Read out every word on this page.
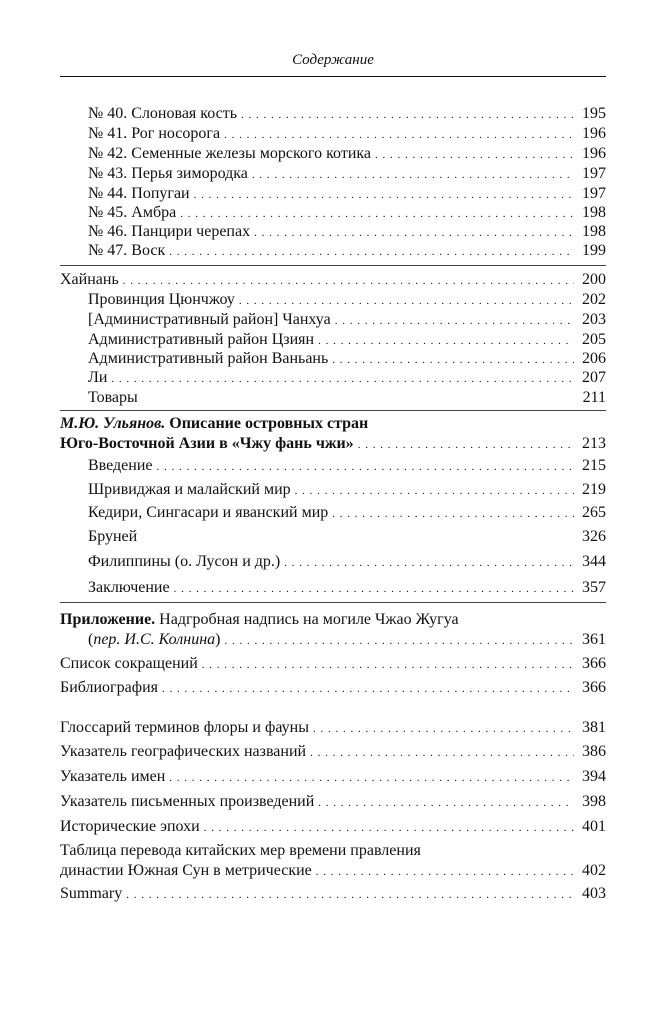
Содержание
№ 40. Слоновая кость . . .	195
№ 41. Рог носорога . . .	196
№ 42. Семенные железы морского котика . . .	196
№ 43. Перья зимородка . . .	197
№ 44. Попугаи . . .	197
№ 45. Амбра . . .	198
№ 46. Панцири черепах . . .	198
№ 47. Воск . . .	199
Хайнань . . .	200
Провинция Цюнчжоу . . .	202
[Административный район] Чанхуа . . .	203
Административный район Цзиян . . .	205
Административный район Ваньань . . .	206
Ли . . .	207
Товары	211
М.Ю. Ульянов. Описание островных стран
Юго-Восточной Азии в «Чжу фань чжи» . . .	213
Введение . . .	215
Шривиджая и малайский мир . . .	219
Кедири, Сингасари и яванский мир . . .	265
Бруней	326
Филиппины (о. Лусон и др.) . . .	344
Заключение . . .	357
Приложение. Надгробная надпись на могиле Чжао Жугуа
(пер. И.С. Колнина) . . .	361
Список сокращений . . .	366
Библиография . . .	366
Глоссарий терминов флоры и фауны . . .	381
Указатель географических названий . . .	386
Указатель имен . . .	394
Указатель письменных произведений . . .	398
Исторические эпохи . . .	401
Таблица перевода китайских мер времени правления
династии Южная Сун в метрические . . .	402
Summary . . .	403
